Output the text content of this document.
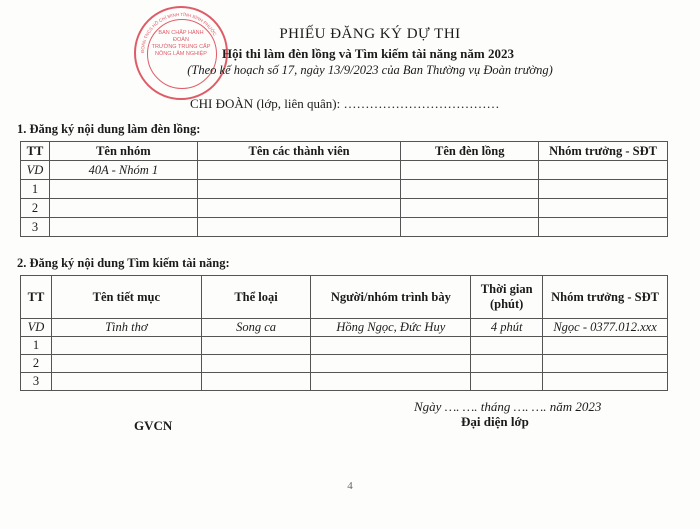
ĐOÀN TNCS HỒ CHÍ MINH TỈNH BÌNH PHƯỚC
BAN CHẤP HÀNH
ĐOÀN
TRƯỜNG TRUNG CẤP
NÔNG LÂM NGHIỆP
PHIẾU ĐĂNG KÝ DỰ THI
Hội thi làm đèn lồng và Tìm kiếm tài năng năm 2023
(Theo kế hoạch số 17, ngày 13/9/2023 của Ban Thường vụ Đoàn trường)
CHI ĐOÀN (lớp, liên quân): ………………………………
1. Đăng ký nội dung làm đèn lồng:
TT	Tên nhóm	Tên các thành viên	Tên đèn lồng	Nhóm trưởng - SĐT
VD	40A - Nhóm 1			
1				
2				
3				
2. Đăng ký nội dung Tìm kiếm tài năng:
TT	Tên tiết mục	Thể loại	Người/nhóm trình bày	Thời gian (phút)	Nhóm trưởng - SĐT
VD	Tình thơ	Song ca	Hồng Ngọc, Đức Huy	4 phút	Ngọc - 0377.012.xxx
1					
2					
3					
Ngày …. …. tháng …. …. năm 2023
GVCN	Đại diện lớp
4
